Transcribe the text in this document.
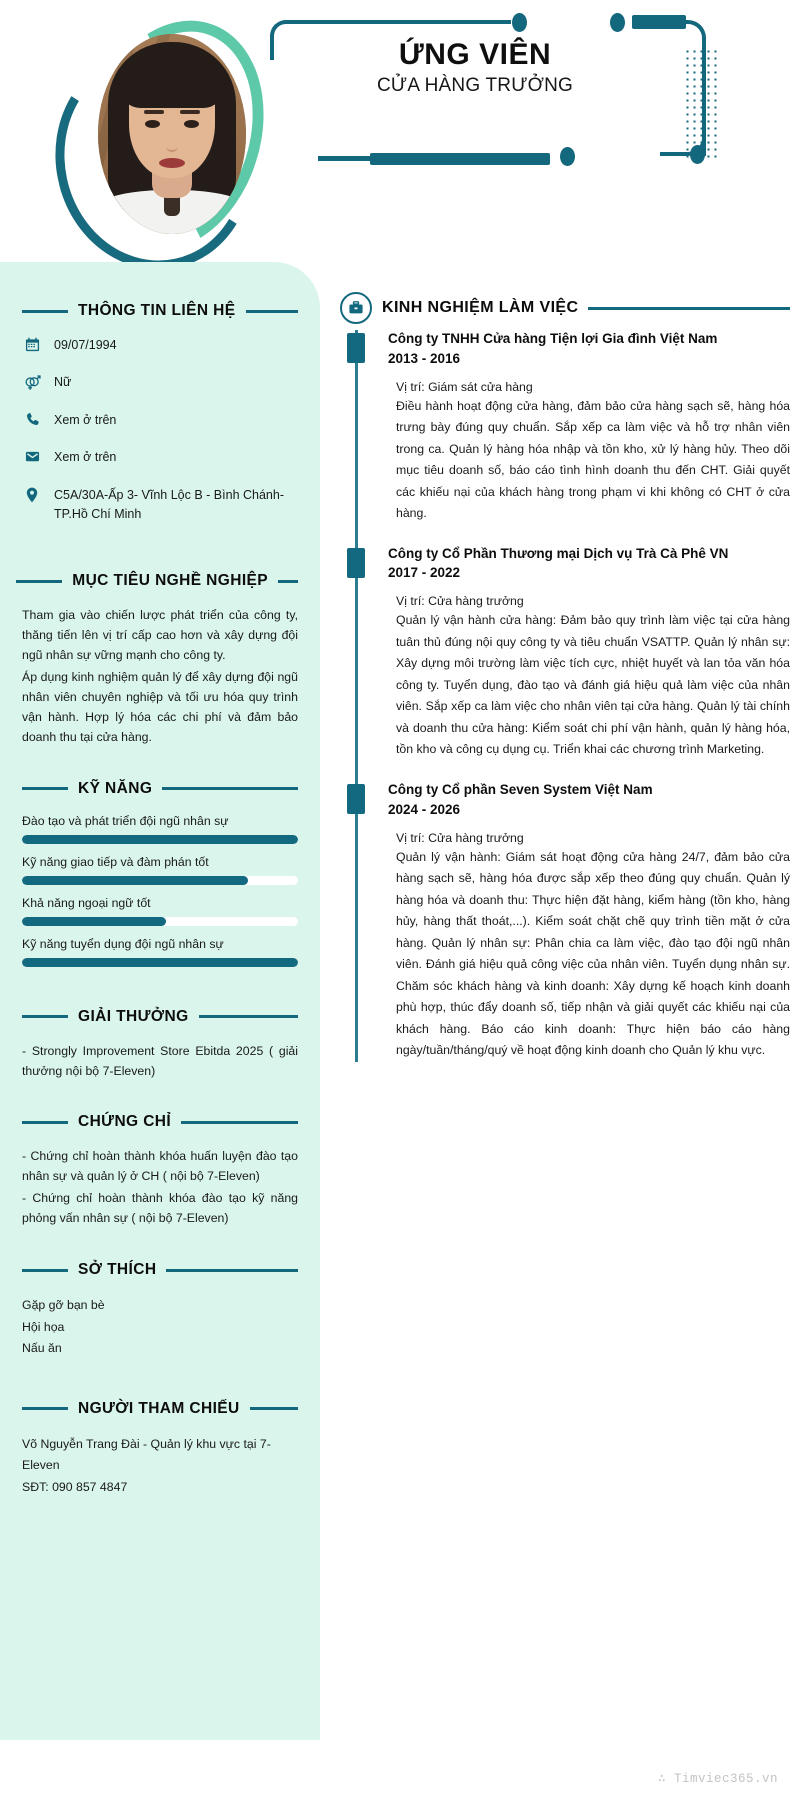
ỨNG VIÊN
CỬA HÀNG TRƯỞNG
THÔNG TIN LIÊN HỆ
09/07/1994
Nữ
Xem ở trên
Xem ở trên
C5A/30A-Ấp 3- Vĩnh Lộc B - Bình Chánh-TP.Hồ Chí Minh
MỤC TIÊU NGHỀ NGHIỆP

Tham gia vào chiến lược phát triển của công ty, thăng tiến lên vị trí cấp cao hơn và xây dựng đội ngũ nhân sự vững mạnh cho công ty.

Áp dụng kinh nghiệm quản lý để xây dựng đội ngũ nhân viên chuyên nghiệp và tối ưu hóa quy trình vận hành. Hợp lý hóa các chi phí và đảm bảo doanh thu tại cửa hàng.

KỸ NĂNG
Đào tạo và phát triển đội ngũ nhân sự
Kỹ năng giao tiếp và đàm phán tốt
Khả năng ngoại ngữ tốt
Kỹ năng tuyển dụng đội ngũ nhân sự
GIẢI THƯỞNG

- Strongly Improvement Store Ebitda 2025 ( giải thưởng nội bộ 7-Eleven)

CHỨNG CHỈ

- Chứng chỉ hoàn thành khóa huấn luyện đào tạo nhân sự và quản lý ở CH ( nội bộ 7-Eleven)

- Chứng chỉ hoàn thành khóa đào tạo kỹ năng phỏng vấn nhân sự ( nội bộ 7-Eleven)

SỞ THÍCH
Gặp gỡ bạn bè
Hội họa
Nấu ăn
NGƯỜI THAM CHIẾU
Võ Nguyễn Trang Đài - Quản lý khu vực tại 7-Eleven
SĐT: 090 857 4847
KINH NGHIỆM LÀM VIỆC
Công ty TNHH Cửa hàng Tiện lợi Gia đình Việt Nam
2013 - 2016
Vị trí: Giám sát cửa hàng
Điều hành hoạt động cửa hàng, đảm bảo cửa hàng sạch sẽ, hàng hóa trưng bày đúng quy chuẩn. Sắp xếp ca làm việc và hỗ trợ nhân viên trong ca. Quản lý hàng hóa nhập và tồn kho, xử lý hàng hủy. Theo dõi mục tiêu doanh số, báo cáo tình hình doanh thu đến CHT. Giải quyết các khiếu nại của khách hàng trong phạm vi khi không có CHT ở cửa hàng.
Công ty Cổ Phần Thương mại Dịch vụ Trà Cà Phê VN
2017 - 2022
Vị trí: Cửa hàng trưởng
Quản lý vận hành cửa hàng: Đảm bảo quy trình làm việc tại cửa hàng tuân thủ đúng nội quy công ty và tiêu chuẩn VSATTP. Quản lý nhân sự: Xây dựng môi trường làm việc tích cực, nhiệt huyết và lan tỏa văn hóa công ty. Tuyển dụng, đào tạo và đánh giá hiệu quả làm việc của nhân viên. Sắp xếp ca làm việc cho nhân viên tại cửa hàng. Quản lý tài chính và doanh thu cửa hàng: Kiểm soát chi phí vận hành, quản lý hàng hóa, tồn kho và công cụ dụng cụ. Triển khai các chương trình Marketing.
Công ty Cổ phần Seven System Việt Nam
2024 - 2026
Vị trí: Cửa hàng trưởng
Quản lý vận hành: Giám sát hoạt động cửa hàng 24/7, đảm bảo cửa hàng sạch sẽ, hàng hóa được sắp xếp theo đúng quy chuẩn. Quản lý hàng hóa và doanh thu: Thực hiện đặt hàng, kiểm hàng (tồn kho, hàng hủy, hàng thất thoát,...). Kiểm soát chặt chẽ quy trình tiền mặt ở cửa hàng. Quản lý nhân sự: Phân chia ca làm việc, đào tạo đội ngũ nhân viên. Đánh giá hiệu quả công việc của nhân viên. Tuyển dụng nhân sự. Chăm sóc khách hàng và kinh doanh: Xây dựng kế hoạch kinh doanh phù hợp, thúc đẩy doanh số, tiếp nhận và giải quyết các khiếu nại của khách hàng. Báo cáo kinh doanh: Thực hiện báo cáo hàng ngày/tuần/tháng/quý về hoạt động kinh doanh cho Quản lý khu vực.
∴ Timviec365.vn
